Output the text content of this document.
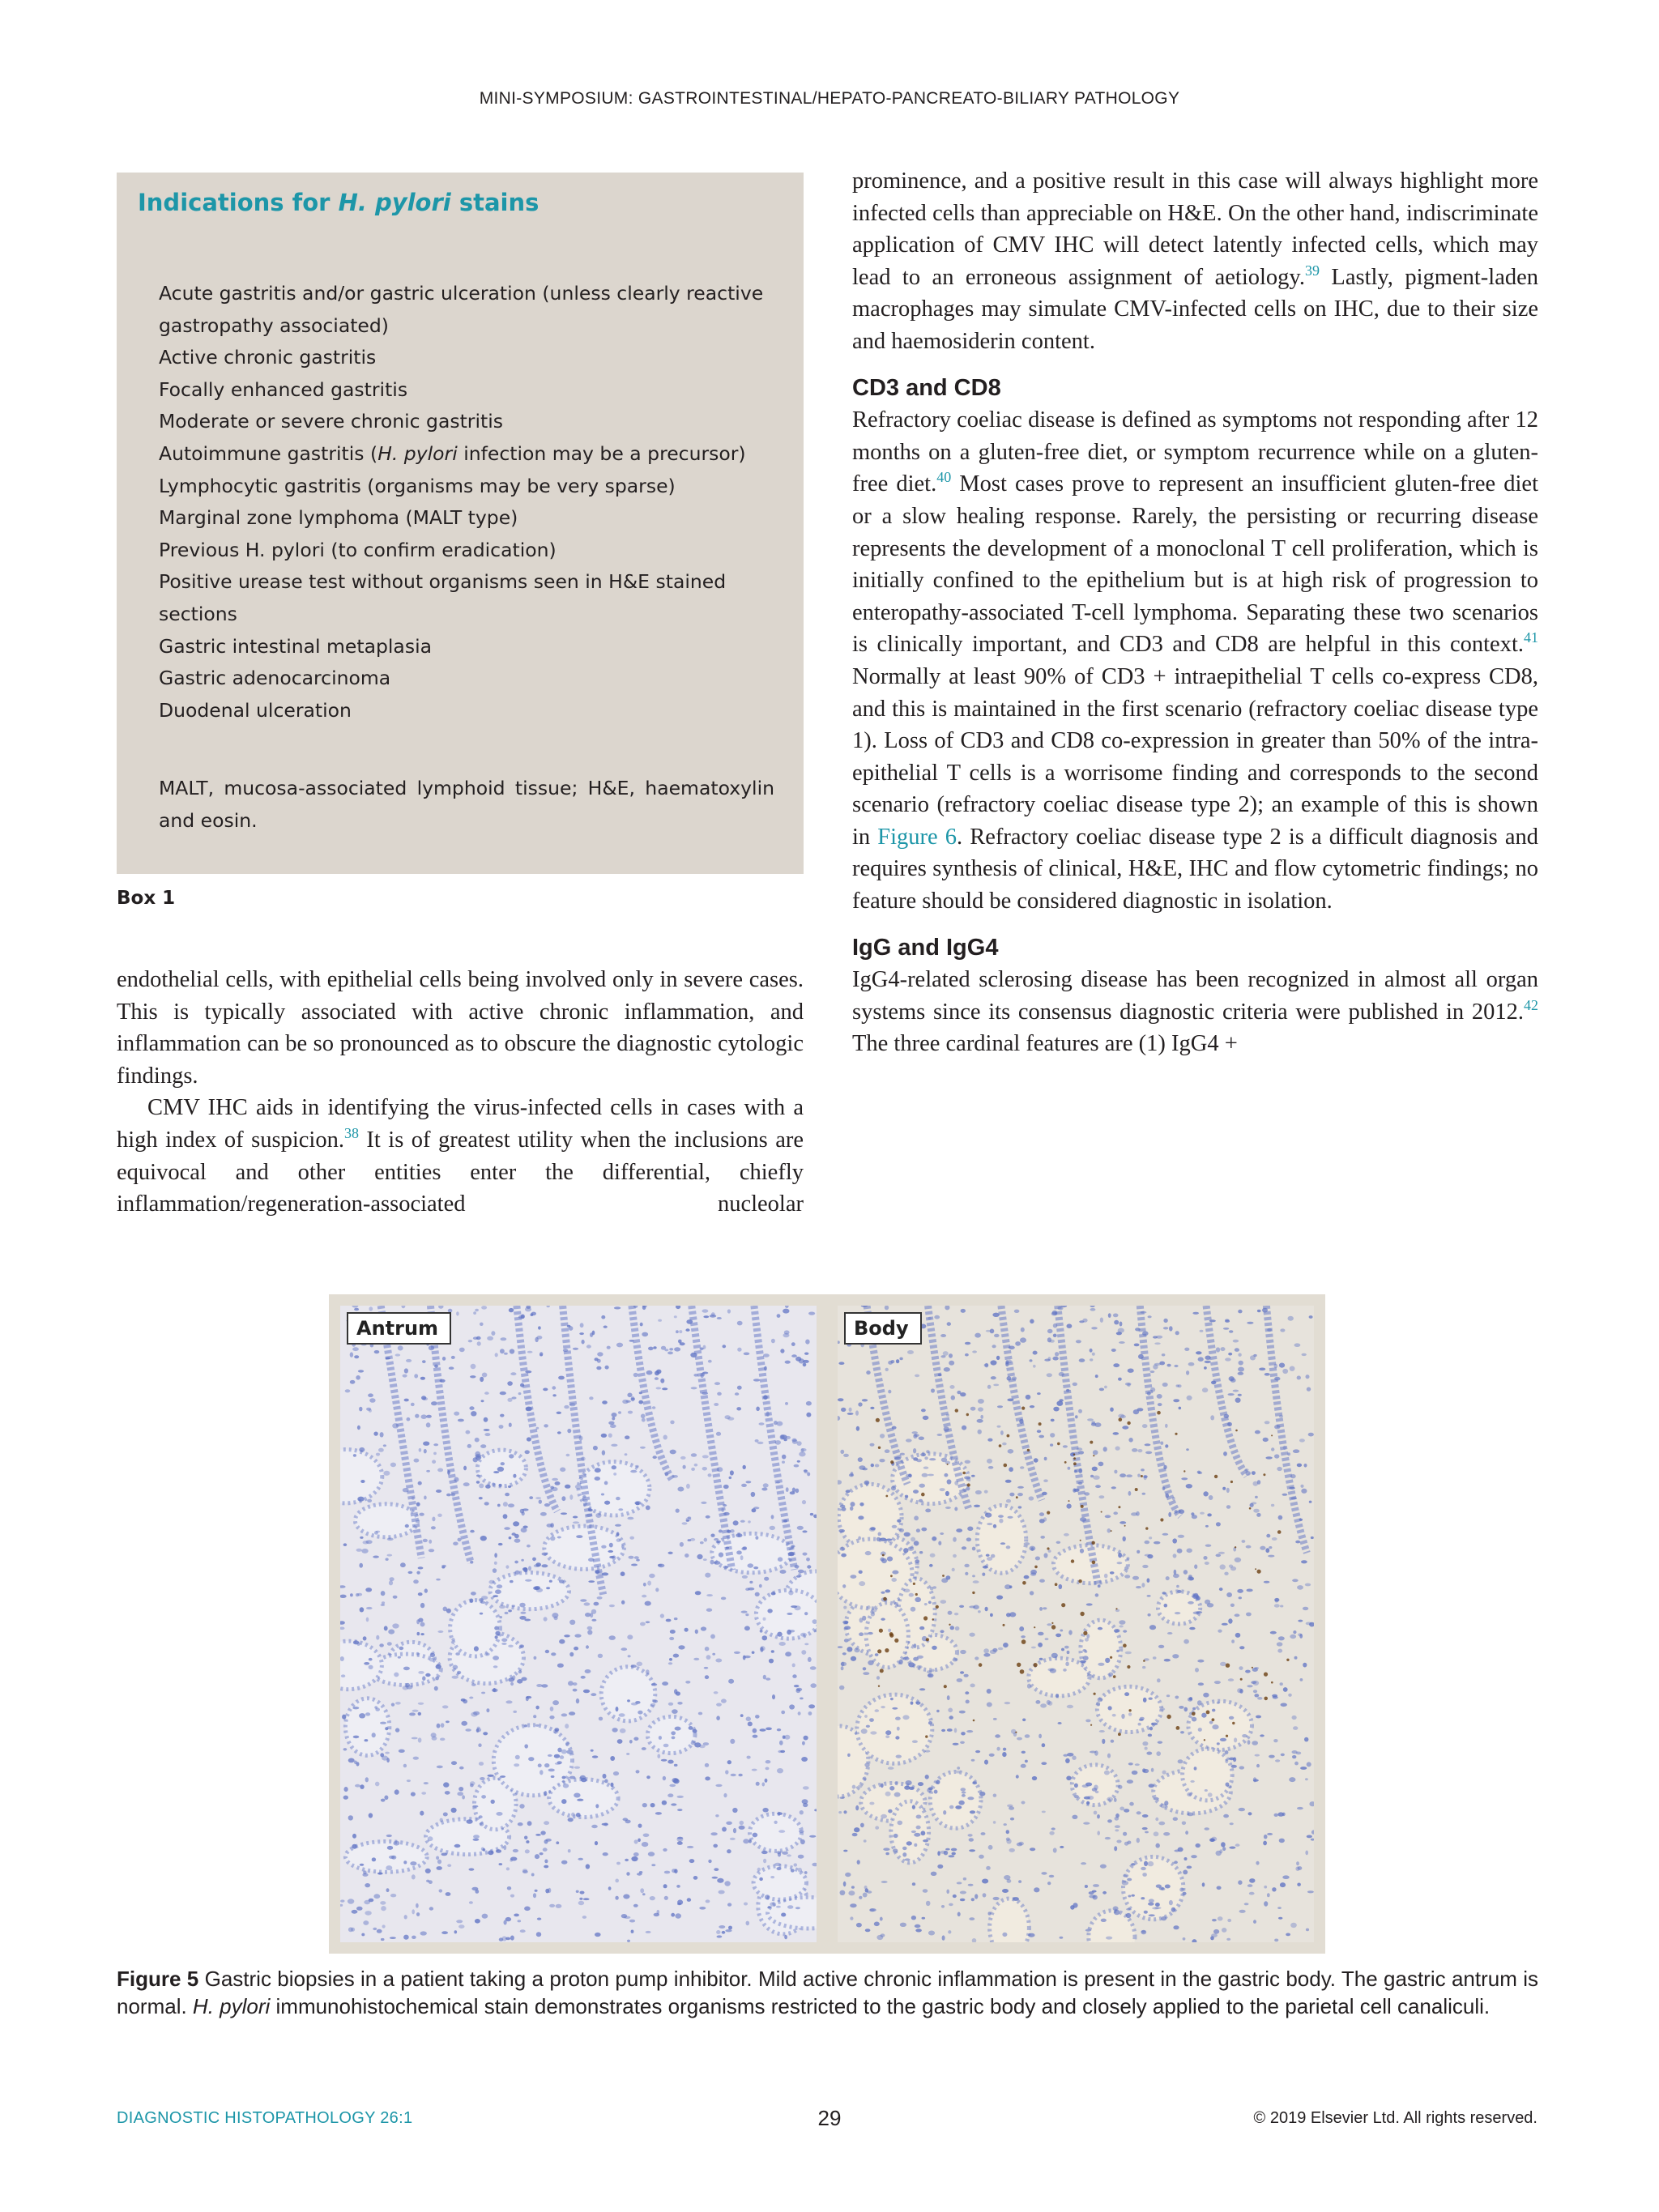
MINI-SYMPOSIUM: GASTROINTESTINAL/HEPATO-PANCREATO-BILIARY PATHOLOGY
Indications for H. pylori stains
Acute gastritis and/or gastric ulceration (unless clearly reactive gastropathy associated)
Active chronic gastritis
Focally enhanced gastritis
Moderate or severe chronic gastritis
Autoimmune gastritis (H. pylori infection may be a precursor)
Lymphocytic gastritis (organisms may be very sparse)
Marginal zone lymphoma (MALT type)
Previous H. pylori (to confirm eradication)
Positive urease test without organisms seen in H&E stained sections
Gastric intestinal metaplasia
Gastric adenocarcinoma
Duodenal ulceration
MALT, mucosa-associated lymphoid tissue; H&E, haematoxylin and eosin.
Box 1

endothelial cells, with epithelial cells being involved only in severe cases. This is typically associated with active chronic inflammation, and inflammation can be so pronounced as to obscure the diagnostic cytologic findings.

CMV IHC aids in identifying the virus-infected cells in cases with a high index of suspicion.$^{38}$ It is of greatest utility when the inclusions are equivocal and other entities enter the differential, chiefly inflammation/regeneration-associated nucleolar

prominence, and a positive result in this case will always highlight more infected cells than appreciable on H&E. On the other hand, indiscriminate application of CMV IHC will detect latently infected cells, which may lead to an erroneous assignment of aetiology.$^{39}$ Lastly, pigment-laden macrophages may simulate CMV-infected cells on IHC, due to their size and haemosiderin content.

CD3 and CD8

Refractory coeliac disease is defined as symptoms not responding after 12 months on a gluten-free diet, or symptom recurrence while on a gluten-free diet.$^{40}$ Most cases prove to represent an insufficient gluten-free diet or a slow healing response. Rarely, the persisting or recurring disease represents the development of a monoclonal T cell proliferation, which is initially confined to the epithelium but is at high risk of progression to enteropathy-associated T-cell lymphoma. Separating these two scenarios is clinically important, and CD3 and CD8 are helpful in this context.$^{41}$ Normally at least 90% of CD3 + intraepithelial T cells co-express CD8, and this is maintained in the first scenario (refractory coeliac disease type 1). Loss of CD3 and CD8 co-expression in greater than 50% of the intraepithelial T cells is a worrisome finding and corresponds to the second scenario (refractory coeliac disease type 2); an example of this is shown in Figure 6. Refractory coeliac disease type 2 is a difficult diagnosis and requires synthesis of clinical, H&E, IHC and flow cytometric findings; no feature should be considered diagnostic in isolation.

IgG and IgG4

IgG4-related sclerosing disease has been recognized in almost all organ systems since its consensus diagnostic criteria were published in 2012.42 The three cardinal features are (1) IgG4 +

Antrum	Body
Figure 5 Gastric biopsies in a patient taking a proton pump inhibitor. Mild active chronic inflammation is present in the gastric body. The gastric antrum is normal. H. pylori immunohistochemical stain demonstrates organisms restricted to the gastric body and closely applied to the parietal cell canaliculi.
DIAGNOSTIC HISTOPATHOLOGY 26:1	29	© 2019 Elsevier Ltd. All rights reserved.
